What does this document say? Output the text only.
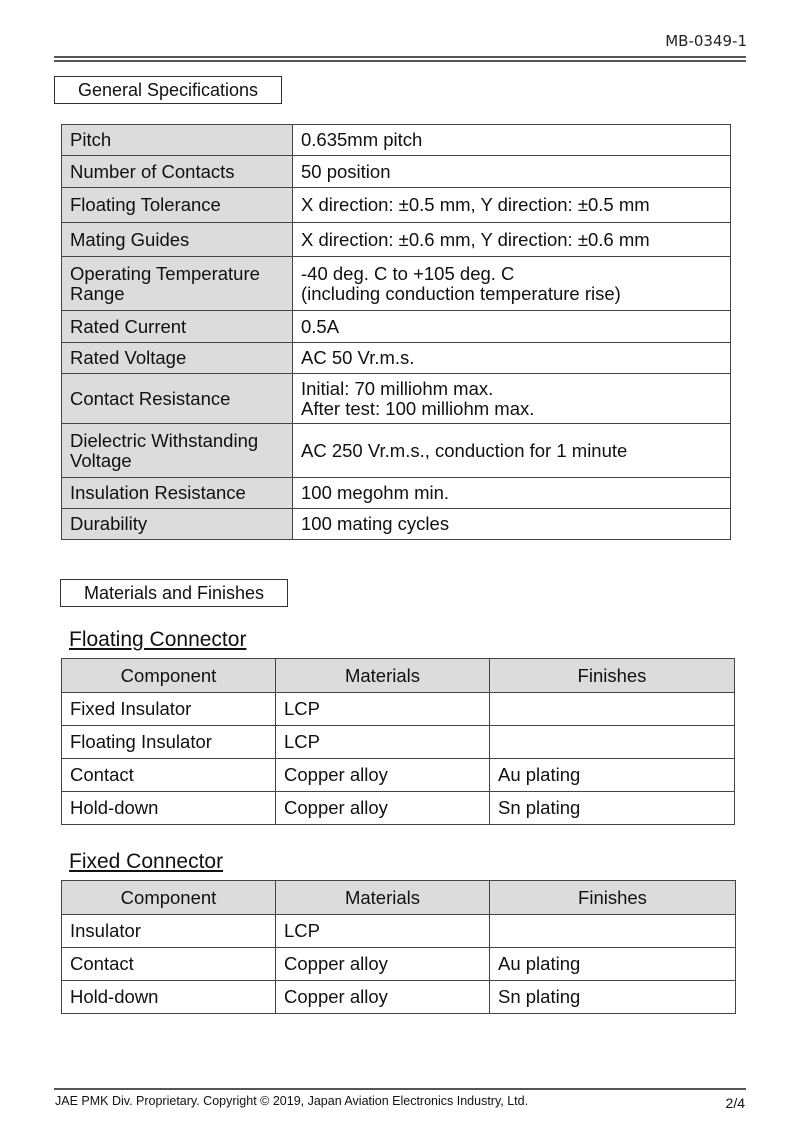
MB-0349-1
General Specifications
Pitch	0.635mm pitch
Number of Contacts	50 position
Floating Tolerance	X direction: ±0.5 mm, Y direction: ±0.5 mm
Mating Guides	X direction: ±0.6 mm, Y direction: ±0.6 mm
Operating Temperature
Range	-40 deg. C to +105 deg. C
(including conduction temperature rise)
Rated Current	0.5A
Rated Voltage	AC 50 Vr.m.s.
Contact Resistance	Initial: 70 milliohm max.
After test: 100 milliohm max.
Dielectric Withstanding
Voltage	AC 250 Vr.m.s., conduction for 1 minute
Insulation Resistance	100 megohm min.
Durability	100 mating cycles
Materials and Finishes
Floating Connector
Component	Materials	Finishes
Fixed Insulator	LCP	
Floating Insulator	LCP	
Contact	Copper alloy	Au plating
Hold-down	Copper alloy	Sn plating
Fixed Connector
Component	Materials	Finishes
Insulator	LCP	
Contact	Copper alloy	Au plating
Hold-down	Copper alloy	Sn plating
JAE PMK Div. Proprietary. Copyright © 2019, Japan Aviation Electronics Industry, Ltd.	2/4
